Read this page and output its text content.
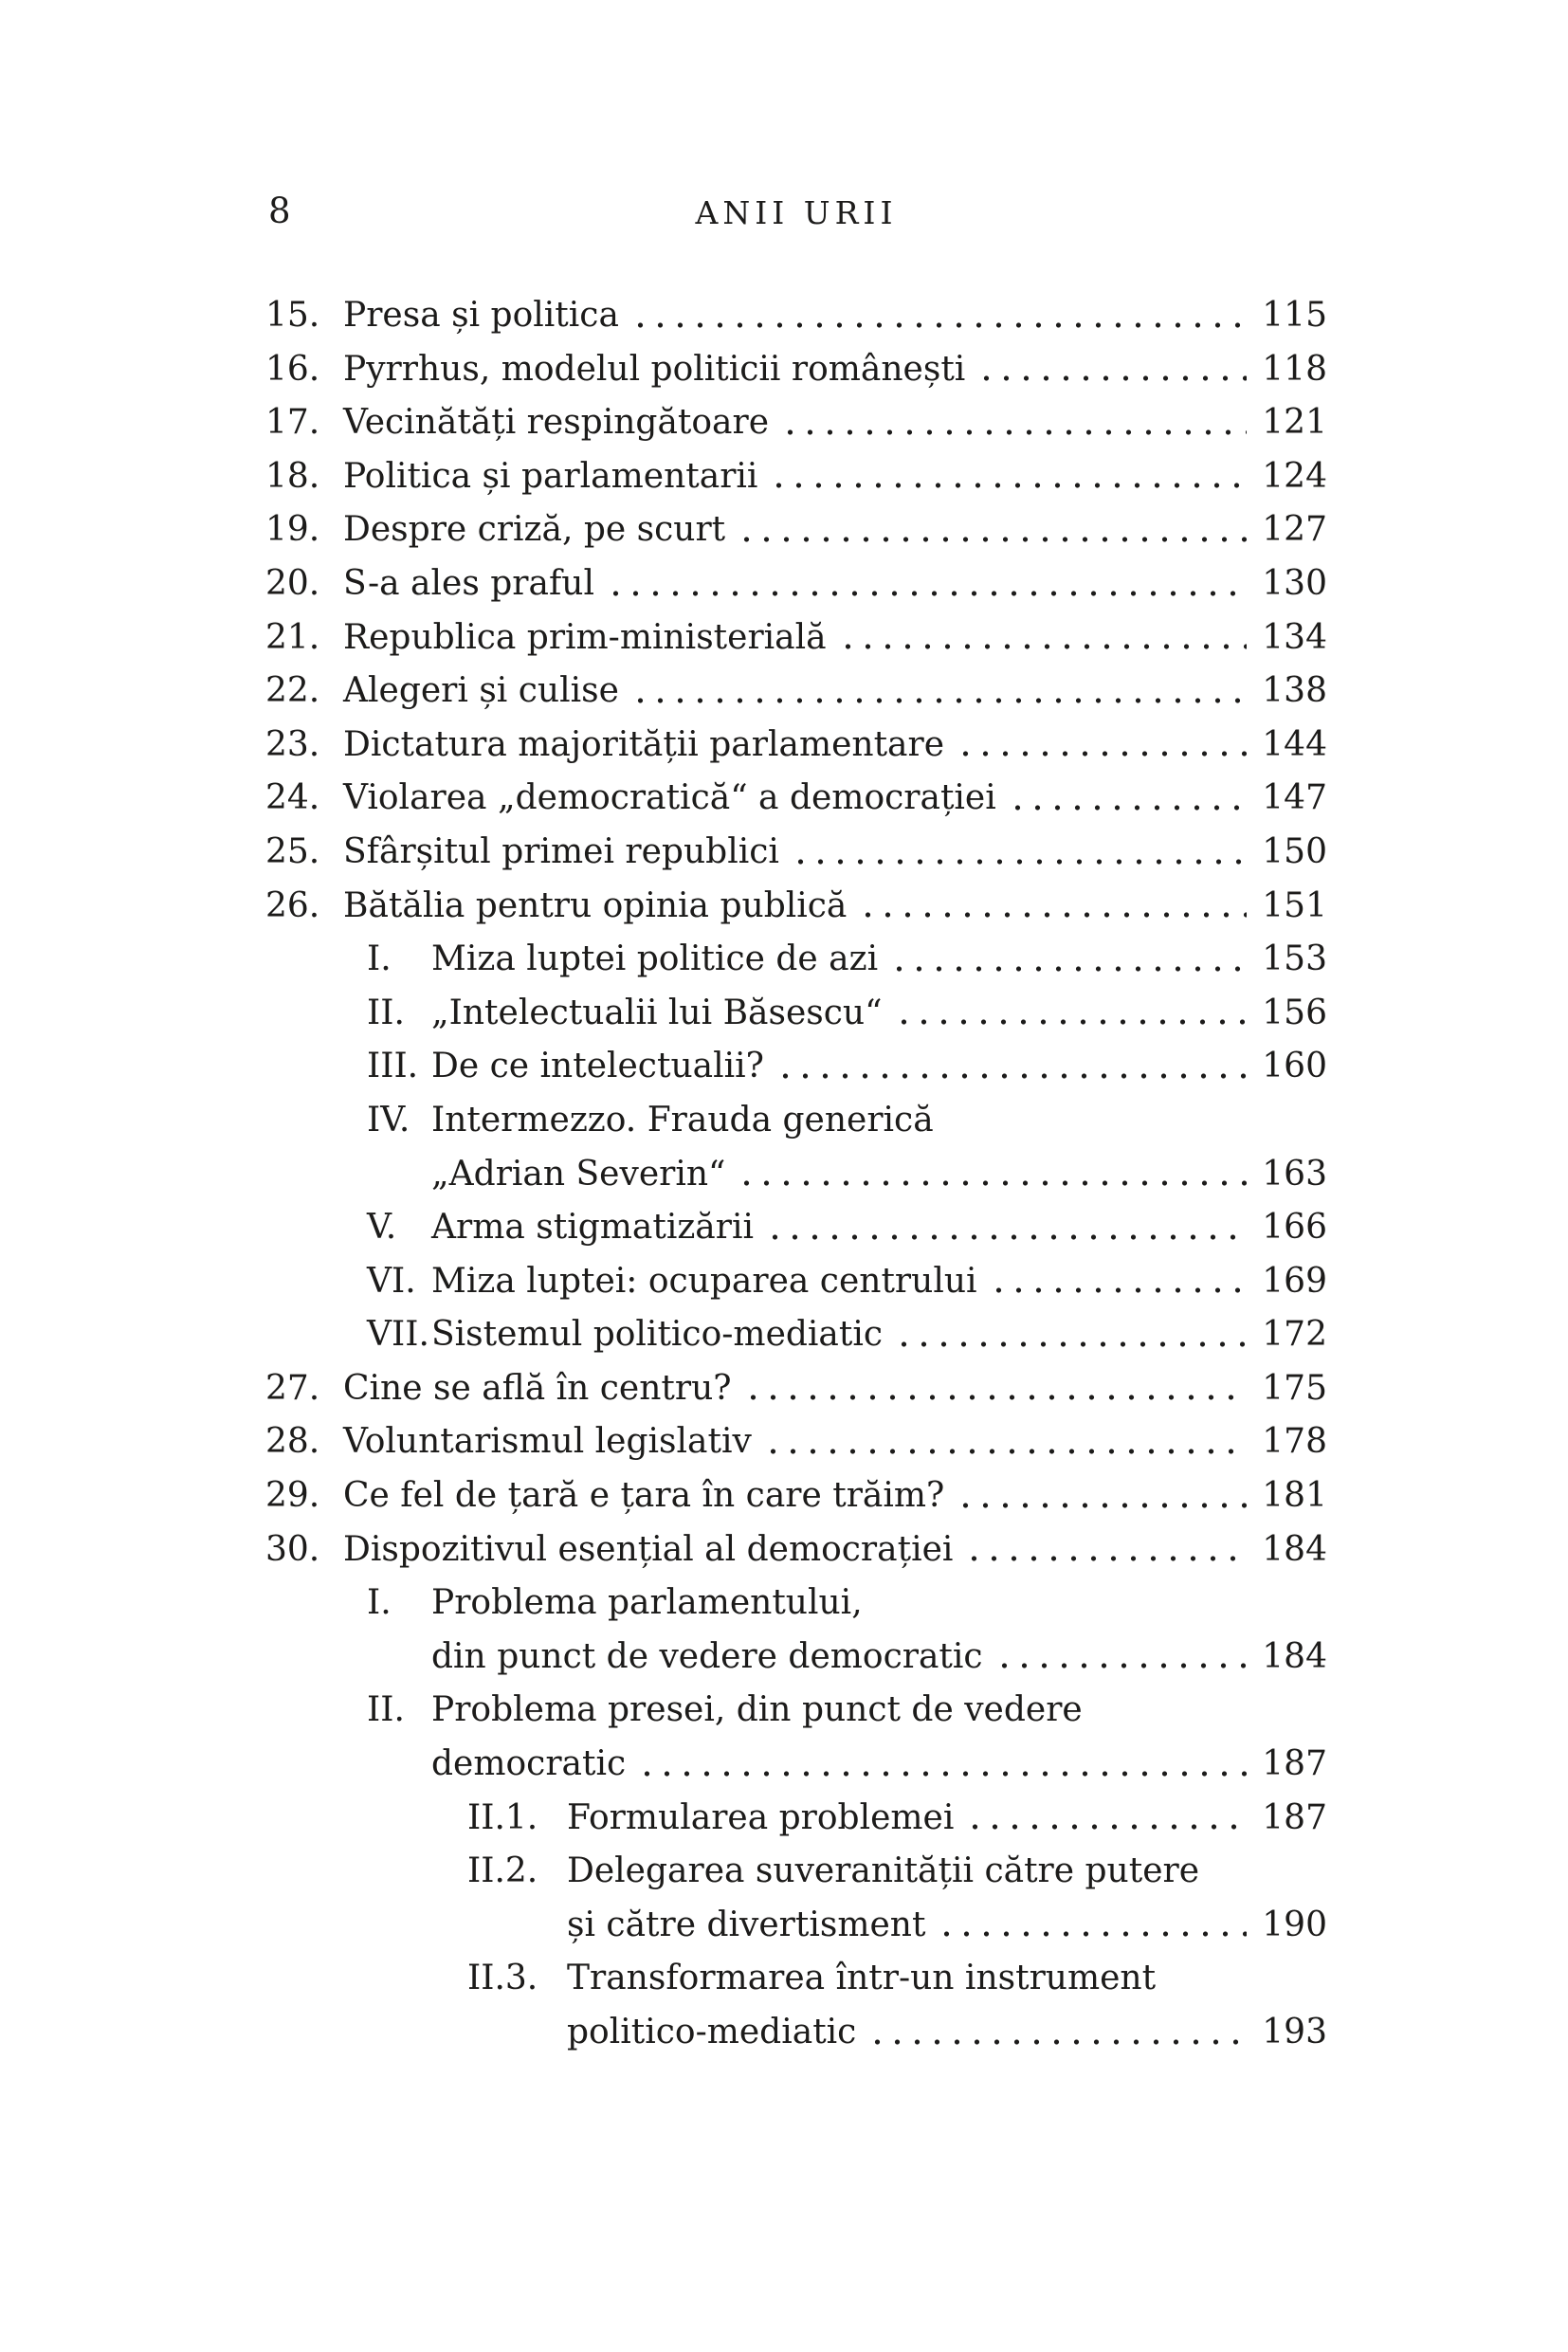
8	ANII URII
15. Presa și politica	115
16. Pyrrhus, modelul politicii românești	118
17. Vecinătăți respingătoare	121
18. Politica și parlamentarii	124
19. Despre criză, pe scurt	127
20. S-a ales praful	130
21. Republica prim-ministerială	134
22. Alegeri și culise	138
23. Dictatura majorității parlamentare	144
24. Violarea „democratică“ a democrației	147
25. Sfârșitul primei republici	150
26. Bătălia pentru opinia publică	151
I.	Miza luptei politice de azi	153
II. „Intelectualii lui Băsescu“	156
III. De ce intelectualii?	160
IV. Intermezzo. Frauda generică
„Adrian Severin“	163
V.	Arma stigmatizării	166
VI. Miza luptei: ocuparea centrului	169
VII. Sistemul politico-mediatic	172
27. Cine se află în centru?	175
28. Voluntarismul legislativ	178
29. Ce fel de țară e țara în care trăim?	181
30. Dispozitivul esențial al democrației	184
I.	Problema parlamentului,
din punct de vedere democratic	184
II. Problema presei, din punct de vedere
democratic	187
II.1. Formularea problemei	187
II.2. Delegarea suveranității către putere
și către divertisment	190
II.3. Transformarea într-un instrument
politico-mediatic	193
